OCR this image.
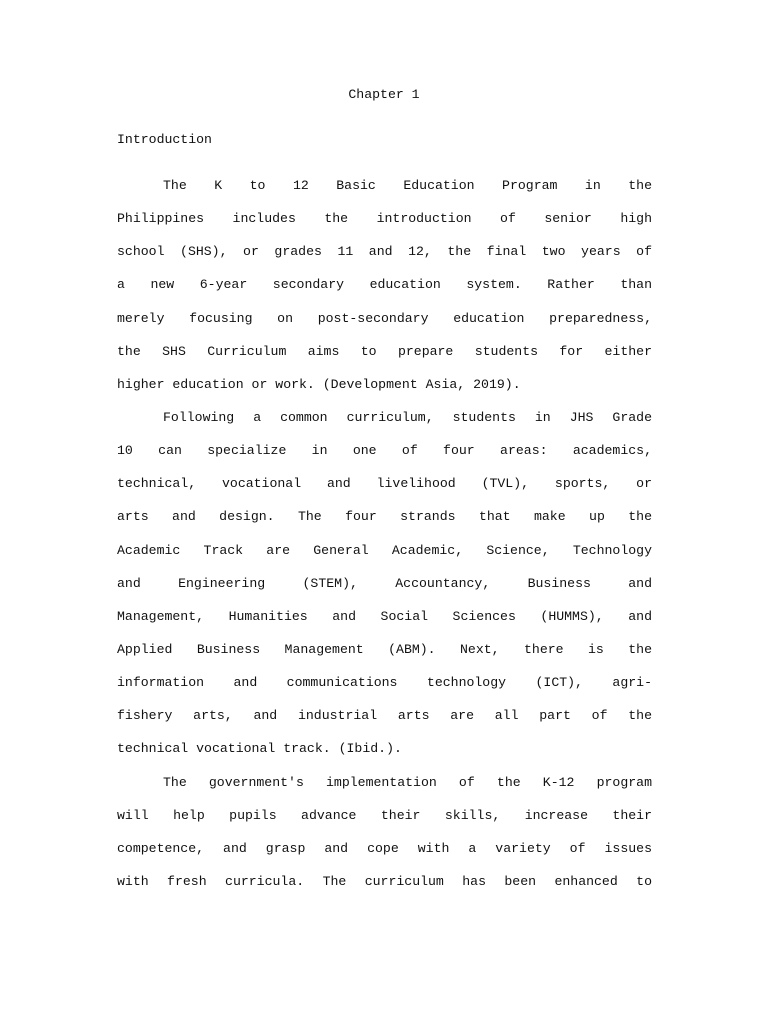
Chapter 1
Introduction
The K to 12 Basic Education Program in the
Philippines includes the introduction of senior high
school (SHS), or grades 11 and 12, the final two years of
a new 6-year secondary education system. Rather than
merely focusing on post-secondary education preparedness,
the SHS Curriculum aims to prepare students for either
higher education or work. (Development Asia, 2019).
Following a common curriculum, students in JHS Grade
10 can specialize in one of four areas: academics,
technical, vocational and livelihood (TVL), sports, or
arts and design. The four strands that make up the
Academic Track are General Academic, Science, Technology
and Engineering (STEM), Accountancy, Business and
Management, Humanities and Social Sciences (HUMMS), and
Applied Business Management (ABM). Next, there is the
information and communications technology (ICT), agri-
fishery arts, and industrial arts are all part of the
technical vocational track. (Ibid.).
The government's implementation of the K-12 program
will help pupils advance their skills, increase their
competence, and grasp and cope with a variety of issues
with fresh curricula. The curriculum has been enhanced to
